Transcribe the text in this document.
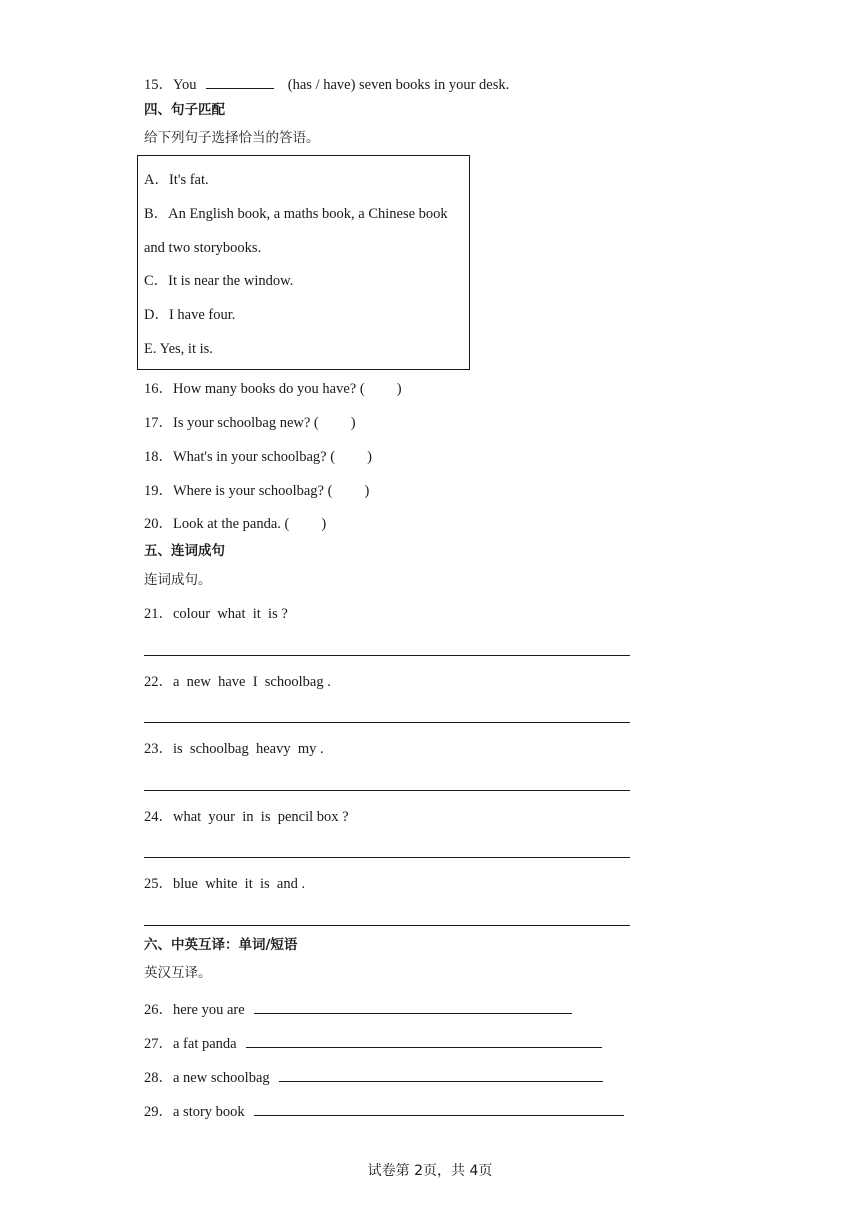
15．You	(has / have) seven books in your desk.
四、句子匹配
给下列句子选择恰当的答语。
A．It's fat.
B．An English book, a maths book, a Chinese book
and two storybooks.
C．It is near the window.
D．I have four.
E. Yes, it is.
16．How many books do you have? ( )
17．Is your schoolbag new? ( )
18．What's in your schoolbag? ( )
19．Where is your schoolbag? ( )
20．Look at the panda. ( )
五、连词成句
连词成句。
21．colour  what  it  is ?
22．a  new  have  I  schoolbag .
23．is  schoolbag  heavy  my .
24．what  your  in  is  pencil box ?
25．blue  white  it  is  and .
六、中英互译：单词/短语
英汉互译。
26．here you are
27．a fat panda
28．a new schoolbag
29．a story book
试卷第 2页，共 4页
